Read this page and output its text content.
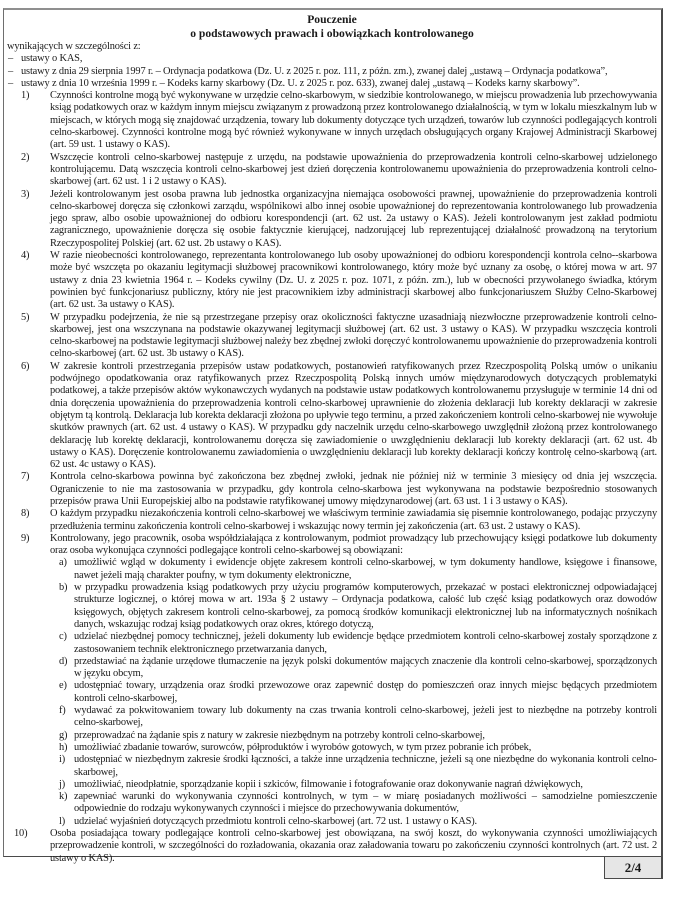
Pouczenie

o podstawowych prawach i obowiązkach kontrolowanego

wynikających w szczególności z:

– ustawy o KAS,
– ustawy z dnia 29 sierpnia 1997 r. – Ordynacja podatkowa (Dz. U. z 2025 r. poz. 111, z późn. zm.), zwanej dalej „ustawą – Ordynacja podatkowa”,
– ustawy z dnia 10 września 1999 r. – Kodeks karny skarbowy (Dz. U. z 2025 r. poz. 633), zwanej dalej „ustawą – Kodeks karny skarbowy”.
1)	Czynności kontrolne mogą być wykonywane w urzędzie celno-skarbowym, w siedzibie kontrolowanego, w miejscu prowadzenia lub przechowywania ksiąg podatkowych oraz w każdym innym miejscu związanym z prowadzoną przez kontrolowanego działalnością, w tym w lokalu mieszkalnym lub w miejscach, w których mogą się znajdować urządzenia, towary lub dokumenty dotyczące tych urządzeń, towarów lub czynności podlegających kontroli celno-skarbowej. Czynności kontrolne mogą być również wykonywane w innych urzędach obsługujących organy Krajowej Administracji Skarbowej (art. 59 ust. 1 ustawy o KAS).
2)	Wszczęcie kontroli celno-skarbowej następuje z urzędu, na podstawie upoważnienia do przeprowadzenia kontroli celno-skarbowej udzielonego kontrolującemu. Datą wszczęcia kontroli celno-skarbowej jest dzień doręczenia kontrolowanemu upoważnienia do przeprowadzenia kontroli celno-skarbowej (art. 62 ust. 1 i 2 ustawy o KAS).
3)	Jeżeli kontrolowanym jest osoba prawna lub jednostka organizacyjna niemająca osobowości prawnej, upoważnienie do przeprowadzenia kontroli celno-skarbowej doręcza się członkowi zarządu, wspólnikowi albo innej osobie upoważnionej do reprezentowania kontrolowanego lub prowadzenia jego spraw, albo osobie upoważnionej do odbioru korespondencji (art. 62 ust. 2a ustawy o KAS). Jeżeli kontrolowanym jest zakład podmiotu zagranicznego, upoważnienie doręcza się osobie faktycznie kierującej, nadzorującej lub reprezentującej działalność prowadzoną na terytorium Rzeczypospolitej Polskiej (art. 62 ust. 2b ustawy o KAS).
4)	W razie nieobecności kontrolowanego, reprezentanta kontrolowanego lub osoby upoważnionej do odbioru korespondencji kontrola celno--skarbowa może być wszczęta po okazaniu legitymacji służbowej pracownikowi kontrolowanego, który może być uznany za osobę, o której mowa w art. 97 ustawy z dnia 23 kwietnia 1964 r. – Kodeks cywilny (Dz. U. z 2025 r. poz. 1071, z późn. zm.), lub w obecności przywołanego świadka, którym powinien być funkcjonariusz publiczny, który nie jest pracownikiem izby administracji skarbowej albo funkcjonariuszem Służby Celno-Skarbowej (art. 62 ust. 3a ustawy o KAS).
5)	W przypadku podejrzenia, że nie są przestrzegane przepisy oraz okoliczności faktyczne uzasadniają niezwłoczne przeprowadzenie kontroli celno-skarbowej, jest ona wszczynana na podstawie okazywanej legitymacji służbowej (art. 62 ust. 3 ustawy o KAS). W przypadku wszczęcia kontroli celno-skarbowej na podstawie legitymacji służbowej należy bez zbędnej zwłoki doręczyć kontrolowanemu upoważnienie do przeprowadzenia kontroli celno-skarbowej (art. 62 ust. 3b ustawy o KAS).
6)	W zakresie kontroli przestrzegania przepisów ustaw podatkowych, postanowień ratyfikowanych przez Rzeczpospolitą Polską umów o unikaniu podwójnego opodatkowania oraz ratyfikowanych przez Rzeczpospolitą Polską innych umów międzynarodowych dotyczących problematyki podatkowej, a także przepisów aktów wykonawczych wydanych na podstawie ustaw podatkowych kontrolowanemu przysługuje w terminie 14 dni od dnia doręczenia upoważnienia do przeprowadzenia kontroli celno-skarbowej uprawnienie do złożenia deklaracji lub korekty deklaracji w zakresie objętym tą kontrolą. Deklaracja lub korekta deklaracji złożona po upływie tego terminu, a przed zakończeniem kontroli celno-skarbowej nie wywołuje skutków prawnych (art. 62 ust. 4 ustawy o KAS). W przypadku gdy naczelnik urzędu celno-skarbowego uwzględnił złożoną przez kontrolowanego deklarację lub korektę deklaracji, kontrolowanemu doręcza się zawiadomienie o uwzględnieniu deklaracji lub korekty deklaracji (art. 62 ust. 4b ustawy o KAS). Doręczenie kontrolowanemu zawiadomienia o uwzględnieniu deklaracji lub korekty deklaracji kończy kontrolę celno-skarbową (art. 62 ust. 4c ustawy o KAS).
7)	Kontrola celno-skarbowa powinna być zakończona bez zbędnej zwłoki, jednak nie później niż w terminie 3 miesięcy od dnia jej wszczęcia. Ograniczenie to nie ma zastosowania w przypadku, gdy kontrola celno-skarbowa jest wykonywana na podstawie bezpośrednio stosowanych przepisów prawa Unii Europejskiej albo na podstawie ratyfikowanej umowy międzynarodowej (art. 63 ust. 1 i 3 ustawy o KAS).
8)	O każdym przypadku niezakończenia kontroli celno-skarbowej we właściwym terminie zawiadamia się pisemnie kontrolowanego, podając przyczyny przedłużenia terminu zakończenia kontroli celno-skarbowej i wskazując nowy termin jej zakończenia (art. 63 ust. 2 ustawy o KAS).
9)	Kontrolowany, jego pracownik, osoba współdziałająca z kontrolowanym, podmiot prowadzący lub przechowujący księgi podatkowe lub dokumenty oraz osoba wykonująca czynności podlegające kontroli celno-skarbowej są obowiązani:
a) umożliwić wgląd w dokumenty i ewidencje objęte zakresem kontroli celno-skarbowej, w tym dokumenty handlowe, księgowe i finansowe, nawet jeżeli mają charakter poufny, w tym dokumenty elektroniczne,
b) w przypadku prowadzenia ksiąg podatkowych przy użyciu programów komputerowych, przekazać w postaci elektronicznej odpowiadającej strukturze logicznej, o której mowa w art. 193a § 2 ustawy – Ordynacja podatkowa, całość lub część ksiąg podatkowych oraz dowodów księgowych, objętych zakresem kontroli celno-skarbowej, za pomocą środków komunikacji elektronicznej lub na informatycznych nośnikach danych, wskazując rodzaj ksiąg podatkowych oraz okres, którego dotyczą,
c) udzielać niezbędnej pomocy technicznej, jeżeli dokumenty lub ewidencje będące przedmiotem kontroli celno-skarbowej zostały sporządzone z zastosowaniem technik elektronicznego przetwarzania danych,
d) przedstawiać na żądanie urzędowe tłumaczenie na język polski dokumentów mających znaczenie dla kontroli celno-skarbowej, sporządzonych w języku obcym,
e) udostępniać towary, urządzenia oraz środki przewozowe oraz zapewnić dostęp do pomieszczeń oraz innych miejsc będących przedmiotem kontroli celno-skarbowej,
f) wydawać za pokwitowaniem towary lub dokumenty na czas trwania kontroli celno-skarbowej, jeżeli jest to niezbędne na potrzeby kontroli celno-skarbowej,
g) przeprowadzać na żądanie spis z natury w zakresie niezbędnym na potrzeby kontroli celno-skarbowej,
h) umożliwiać zbadanie towarów, surowców, półproduktów i wyrobów gotowych, w tym przez pobranie ich próbek,
i) udostępniać w niezbędnym zakresie środki łączności, a także inne urządzenia techniczne, jeżeli są one niezbędne do wykonania kontroli celno-skarbowej,
j) umożliwiać, nieodpłatnie, sporządzanie kopii i szkiców, filmowanie i fotografowanie oraz dokonywanie nagrań dźwiękowych,
k) zapewniać warunki do wykonywania czynności kontrolnych, w tym – w miarę posiadanych możliwości – samodzielne pomieszczenie odpowiednie do rodzaju wykonywanych czynności i miejsce do przechowywania dokumentów,
l) udzielać wyjaśnień dotyczących przedmiotu kontroli celno-skarbowej (art. 72 ust. 1 ustawy o KAS).
10)	Osoba posiadająca towary podlegające kontroli celno-skarbowej jest obowiązana, na swój koszt, do wykonywania czynności umożliwiających przeprowadzenie kontroli, w szczególności do rozładowania, okazania oraz załadowania towaru po zakończeniu czynności kontrolnych (art. 72 ust. 2 ustawy o KAS).
2/4
